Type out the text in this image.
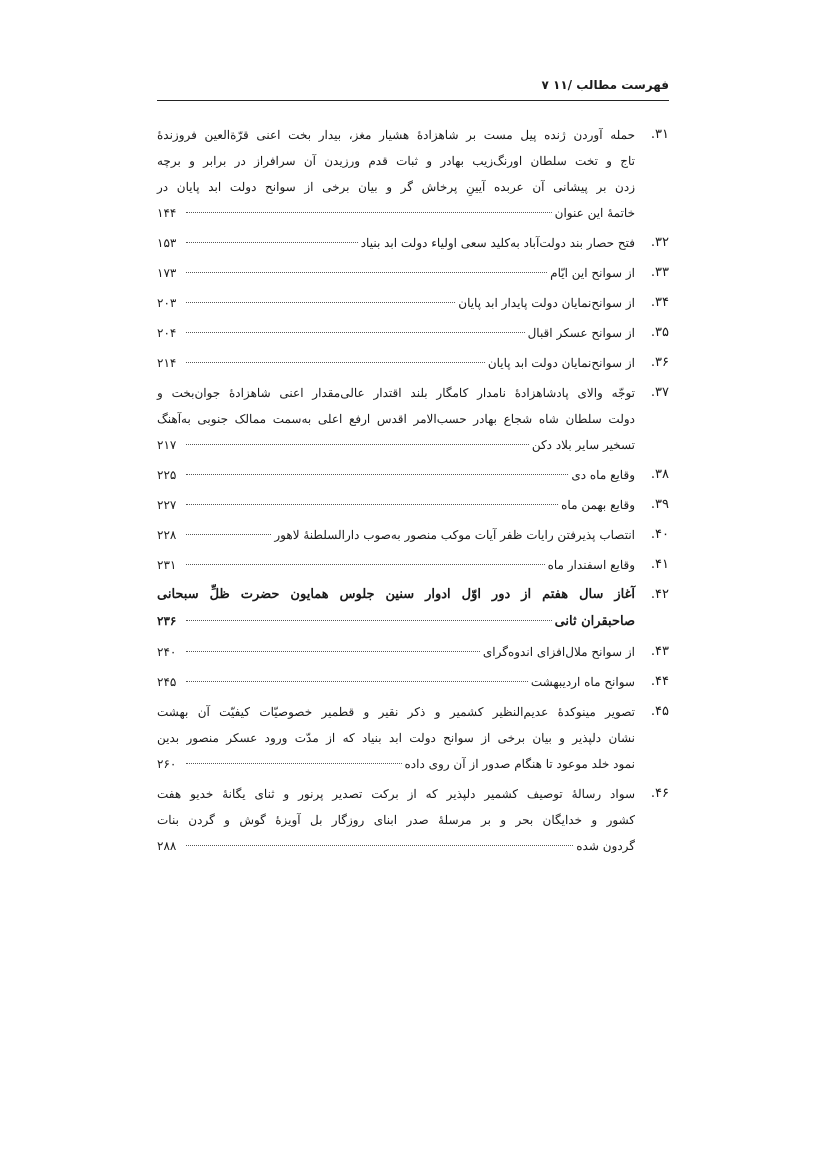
فهرست مطالب /۱۱ ۷
۳۱.
حمله آوردن ژنده پیل مست بر شاهزادهٔ هشیار مغز، بیدار بخت اعنی قرّةالعین فروزندهٔ
تاج و تخت سلطان اورنگ‌زیب بهادر و ثبات قدم ورزیدن آن سرافراز در برابر و برچه
زدن بر پیشانی آن عربده آیینِ پرخاش گر و بیان برخی از سوانح دولت ابد پایان در
خاتمهٔ این عنوان
۱۴۴
۳۲.
فتح حصار بند دولت‌آباد به‌کلید سعی اولیاء دولت ابد بنیاد
۱۵۳
۳۳.
از سوانح این ایّام
۱۷۳
۳۴.
از سوانح‌نمایان دولت پایدار ابد پایان
۲۰۳
۳۵.
از سوانح عسکر اقبال
۲۰۴
۳۶.
از سوانح‌نمایان دولت ابد پایان
۲۱۴
۳۷.
توجّه والای پادشاهزادهٔ نامدار کامگار بلند اقتدار عالی‌مقدار اعنی شاهزادهٔ جوان‌بخت و
دولت سلطان شاه شجاع بهادر حسب‌الامر اقدس ارفع اعلی به‌سمت ممالک جنوبی به‌آهنگ
تسخیر سایر بلاد دکن
۲۱۷
۳۸.
وقایع ماه دی
۲۲۵
۳۹.
وقایع بهمن ماه
۲۲۷
۴۰.
انتصاب پذیرفتن رایات ظفر آیات موکب منصور به‌صوب دارالسلطنهٔ لاهور
۲۲۸
۴۱.
وقایع اسفندار ماه
۲۳۱
۴۲.
آغاز سال هفتم از دور اوّل ادوار سنین جلوس همایون حضرت ظلِّ سبحانی
صاحبقران ثانی
۲۳۶
۴۳.
از سوانح ملال‌افزای اندوه‌گرای
۲۴۰
۴۴.
سوانح ماه اردیبهشت
۲۴۵
۴۵.
تصویر مینوکدهٔ عدیم‌النظیر کشمیر و ذکر نقیر و قطمیر خصوصیّات کیفیّت آن بهشت
نشان دلپذیر و بیان برخی از سوانح دولت ابد بنیاد که از مدّت ورود عسکر منصور بدین
نمود خلد موعود تا هنگام صدور از آن روی داده
۲۶۰
۴۶.
سواد رسالهٔ توصیف کشمیر دلپذیر که از برکت تصدیر پرنور و ثنای یگانهٔ خدیو هفت
کشور و خدایگان بحر و بر مرسلهٔ صدر ابنای روزگار بل آویزهٔ گوش و گردن بنات
گردون شده
۲۸۸
